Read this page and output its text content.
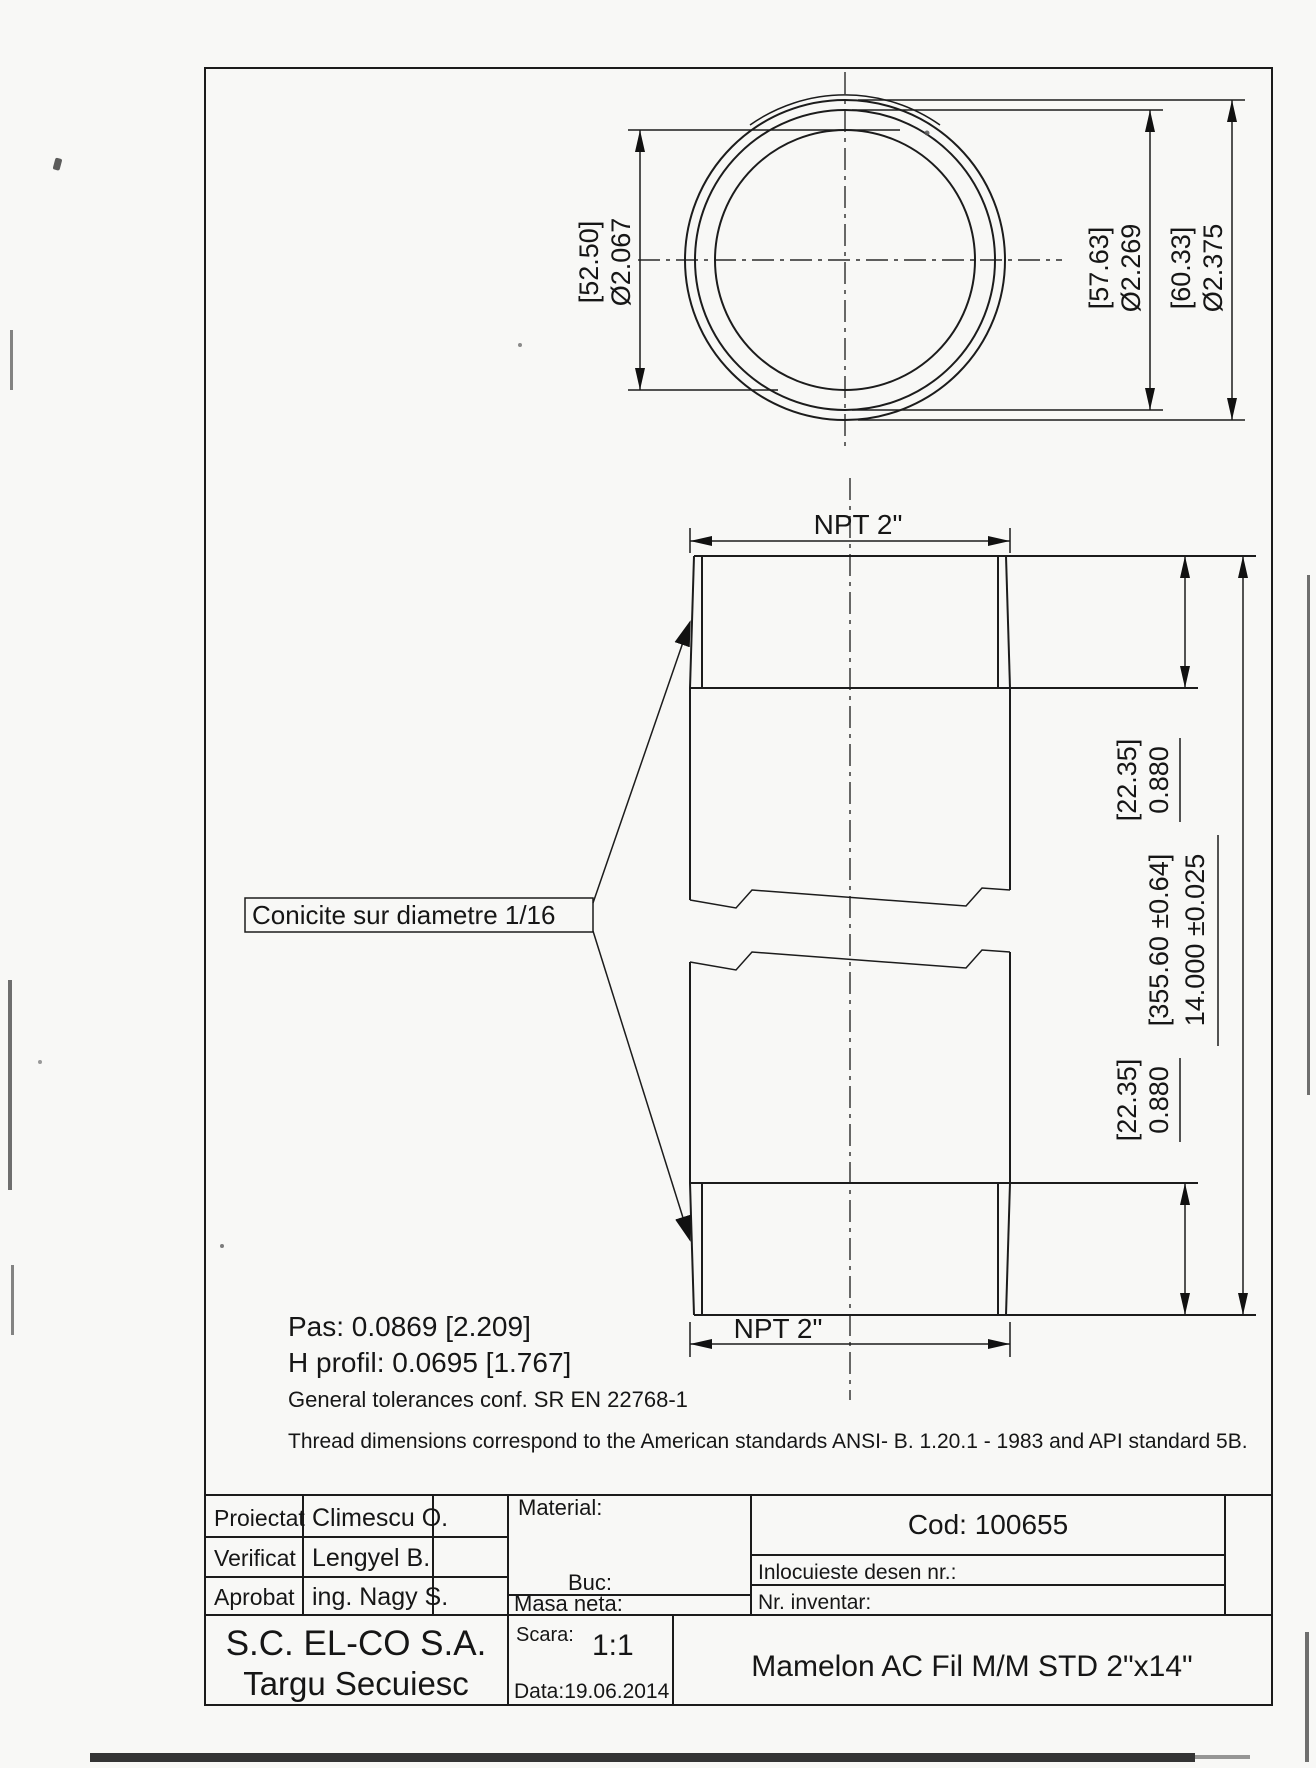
[52.50] Ø2.067	[57.63] Ø2.269 [60.33] Ø2.375
NPT 2"
[22.35] 0.880
[355.60 ±0.64] 14.000 ±0.025
[22.35] 0.880
NPT 2"
Conicite sur diametre 1/16
Pas: 0.0869 [2.209]
H profil: 0.0695 [1.767]
General tolerances conf. SR EN 22768-1
Thread dimensions correspond to the American standards ANSI- B. 1.20.1 - 1983 and API standard 5B.
Proiectat Climescu O.
Verificat Lengyel B.
Aprobat ing. Nagy S.
Material:
Buc:
Masa neta:
Cod: 100655
Inlocuieste desen nr.:
Nr. inventar:
S.C. EL-CO S.A.
Targu Secuiesc
Scara: 1:1
Data:19.06.2014
Mamelon AC Fil M/M STD 2"x14"
